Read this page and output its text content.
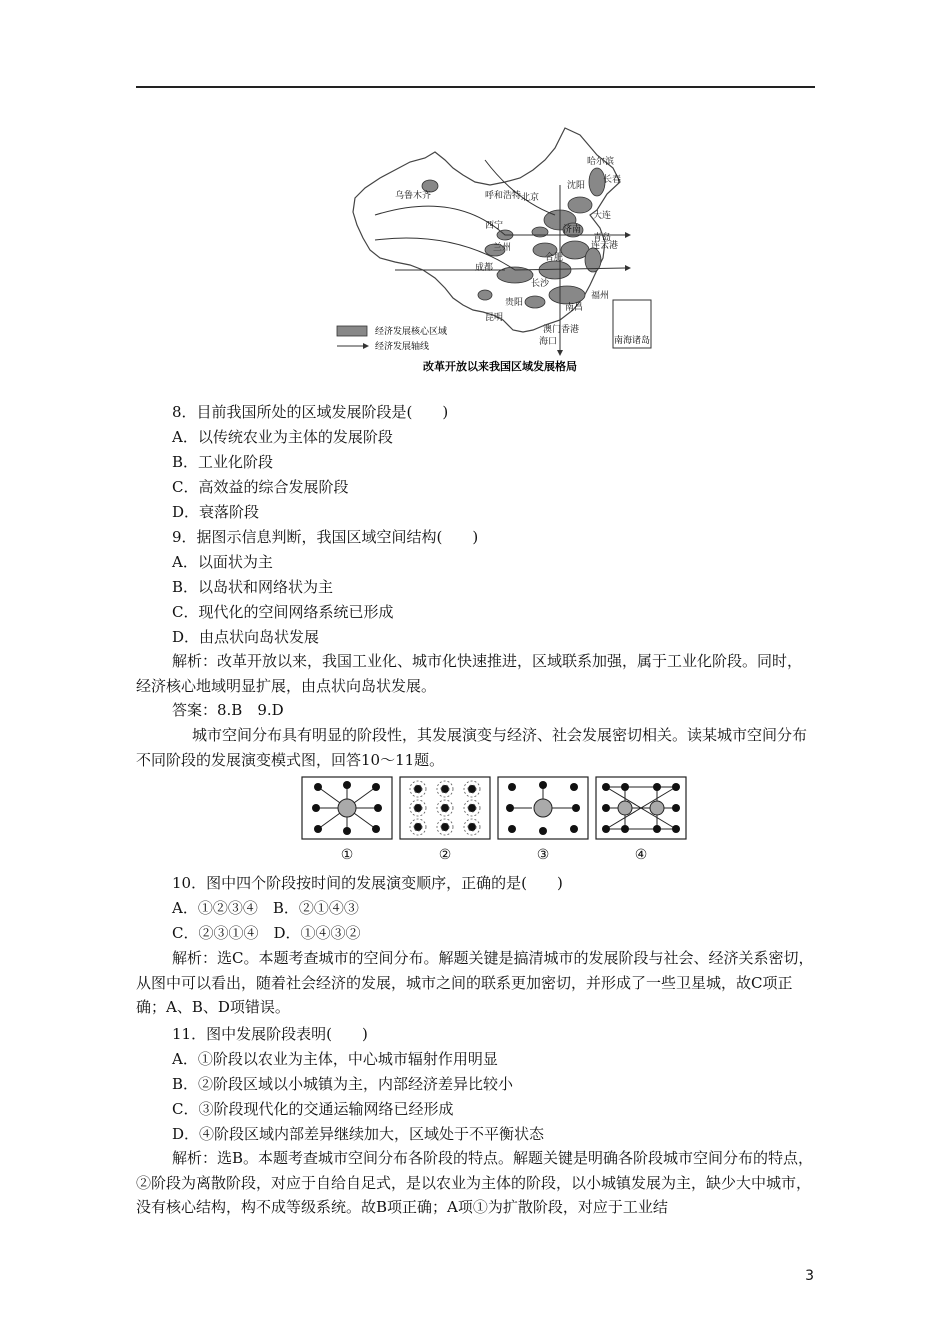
南海诸岛
哈尔滨
长春
沈阳
乌鲁木齐	呼和浩特 北京
大连
西宁
兰州
济南
青岛
连云港
成都
合肥
长沙
贵阳	南昌
福州
昆明
澳门 香港
海口
经济发展核心区域
经济发展轴线
改革开放以来我国区域发展格局
8．目前我国所处的区域发展阶段是(　　)
A．以传统农业为主体的发展阶段
B．工业化阶段
C．高效益的综合发展阶段
D．衰落阶段
9．据图示信息判断，我国区域空间结构(　　)
A．以面状为主
B．以岛状和网络状为主
C．现代化的空间网络系统已形成
D．由点状向岛状发展
解析：改革开放以来，我国工业化、城市化快速推进，区域联系加强，属于工业化阶段。同时，经济核心地域明显扩展，由点状向岛状发展。
答案：8.B　9.D
城市空间分布具有明显的阶段性，其发展演变与经济、社会发展密切相关。读某城市空间分布不同阶段的发展演变模式图，回答10～11题。
①	②	③	④
10．图中四个阶段按时间的发展演变顺序，正确的是(　　)
A．①②③④　B．②①④③
C．②③①④　D．①④③②
解析：选C。本题考查城市的空间分布。解题关键是搞清城市的发展阶段与社会、经济关系密切，从图中可以看出，随着社会经济的发展，城市之间的联系更加密切，并形成了一些卫星城，故C项正确；A、B、D项错误。
11．图中发展阶段表明(　　)
A．①阶段以农业为主体，中心城市辐射作用明显
B．②阶段区域以小城镇为主，内部经济差异比较小
C．③阶段现代化的交通运输网络已经形成
D．④阶段区域内部差异继续加大，区域处于不平衡状态
解析：选B。本题考查城市空间分布各阶段的特点。解题关键是明确各阶段城市空间分布的特点，②阶段为离散阶段，对应于自给自足式，是以农业为主体的阶段，以小城镇发展为主，缺少大中城市，没有核心结构，构不成等级系统。故B项正确；A项①为扩散阶段，对应于工业结
3
